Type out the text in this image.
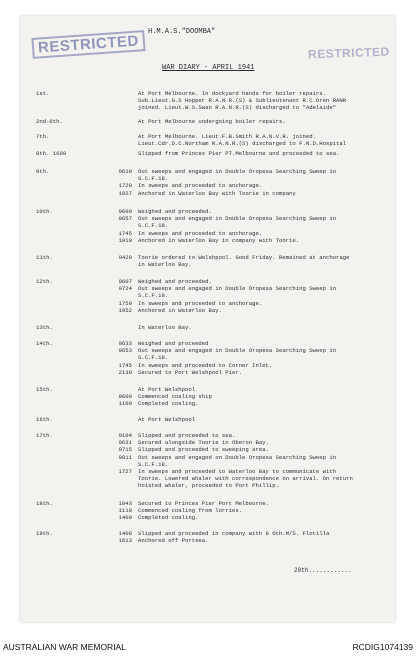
RESTRICTED	RESTRICTED
H.M.A.S."DOOMBA"
WAR DIARY - APRIL 1941
1st.	At Port Melbourne. In dockyard hands for boiler repairs.
Sub.Lieut.G.S Hopper R.A.N.R.(S) & Sublieutenant R.C.Oren RANR
joined. Lieut.W.S.Swan R.A.N.R.(S) discharged to "Adelaide"
2nd-6th.	At Port Melbourne undergoing boiler repairs.
7th.	At Port Melbourne. Lieut.F.B.Smith R.A.N.V.R. joined.
Lieut.Cdr.D.C.Northam R.A.N.R.(S) discharged to F.N.D.Hospital
8th. 1600	Slipped from Princes Pier PT.Melbourne and proceeded to sea.
9th.	0610	Out sweeps and engaged in Double Oropesa Searching Sweep in
S.C.F.18.
1720	In sweeps and proceeded to anchorage.
1827	Anchored in Waterloo Bay with Toorie in company
10th.	0600	Weighed and proceeded.
0657	Out sweeps and engaged in Double Oropesa Searching Sweep in
S.C.F.18.
1745	In sweeps and proceeded to anchorage.
1910	Anchored in Waterloo Bay in company with Toorie.
11th.	0420	Toorie ordered to Welshpool. Good Friday. Remained at anchorage
in Waterloo Bay.
12th.	0607	Weighed and proceeded.
0724	Out sweeps and engaged in Double Oropesa Searching Sweep in
S.C.F.18.
1750	In sweeps and proceeded to anchorage.
1952	Anchored in Waterloo Bay.
13th.	In Waterloo Bay.
14th.	0633	Weighed and proceeded
0653	Out sweeps and engaged in Double Oropesa Searching Sweep in
S.C.F.18.
1745	In sweeps and proceeded to Corner Inlet.
2130	Secured to Port Welshpool Pier.
15th.	At Port Welshpool
0600	Commenced coaling ship
1100	Completed coaling.
16th.	At Port Welshpool
17th.	0104	Slipped and proceeded to sea.
0631	Secured alongside Toorie in Oberon Bay.
0715	Slipped and proceeded to sweeping area.
0811	Out sweeps and engaged on Double Oropesa Searching Sweep in
S.C.F.18.
1727	In sweeps and proceeded to Waterloo Bay to communicate with
Toorie. Lowered whaler with correspondence on arrival. On return
hoisted whaler, proceeded to Port Phillip.
18th.	1043	Secured to Princes Pier Port Melbourne.
1110	Commenced coaling from lorries.
1400	Completed coaling.
19th.	1408	Slipped and proceeded in company with 8 Oth.M/S. Flotilla
1613	Anchored off Portsea.
20th............
AUSTRALIAN WAR MEMORIAL	RCDIG1074139
